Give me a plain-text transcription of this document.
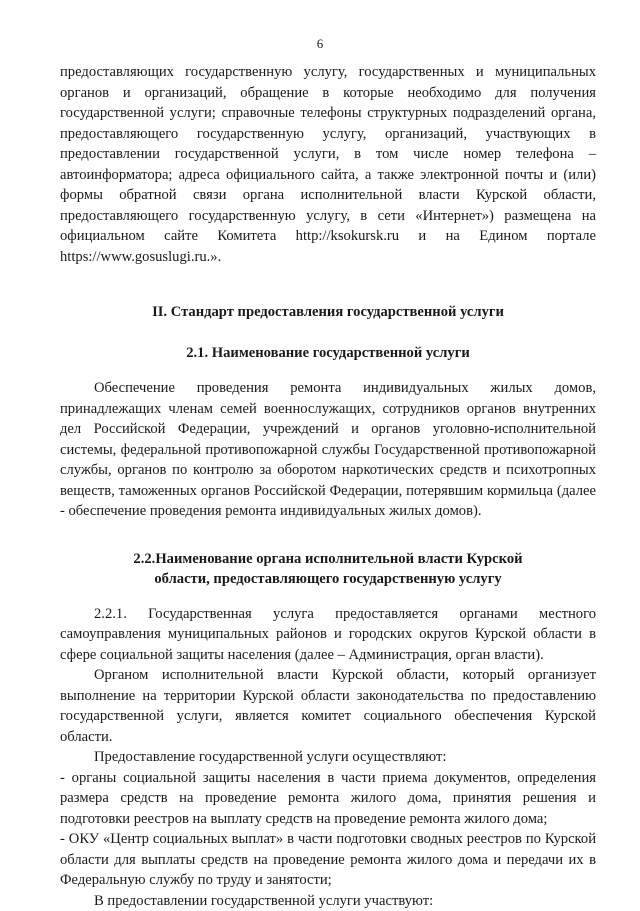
6

предоставляющих государственную услугу, государственных и муниципальных органов и организаций, обращение в которые необходимо для получения государственной услуги; справочные телефоны структурных подразделений органа, предоставляющего государственную услугу, организаций, участвующих в предоставлении государственной услуги, в том числе номер телефона – автоинформатора; адреса официального сайта, а также электронной почты и (или) формы обратной связи органа исполнительной власти Курской области, предоставляющего государственную услугу, в сети «Интернет») размещена на официальном сайте Комитета http://ksokursk.ru и на Едином портале https://www.gosuslugi.ru.».

II. Стандарт предоставления государственной услуги
2.1. Наименование государственной услуги

Обеспечение проведения ремонта индивидуальных жилых домов, принадлежащих членам семей военнослужащих, сотрудников органов внутренних дел Российской Федерации, учреждений и органов уголовно-исполнительной системы, федеральной противопожарной службы Государственной противопожарной службы, органов по контролю за оборотом наркотических средств и психотропных веществ, таможенных органов Российской Федерации, потерявшим кормильца (далее - обеспечение проведения ремонта индивидуальных жилых домов).

2.2.Наименование органа исполнительной власти Курской
области, предоставляющего государственную услугу

2.2.1. Государственная услуга предоставляется органами местного самоуправления муниципальных районов и городских округов Курской области в сфере социальной защиты населения (далее – Администрация, орган власти).

Органом исполнительной власти Курской области, который организует выполнение на территории Курской области законодательства по предоставлению государственной услуги, является комитет социального обеспечения Курской области.

Предоставление государственной услуги осуществляют:

- органы социальной защиты населения в части приема документов, определения размера средств на проведение ремонта жилого дома, принятия решения и подготовки реестров на выплату средств на проведение ремонта жилого дома;

- ОКУ «Центр социальных выплат» в части подготовки сводных реестров по Курской области для выплаты средств на проведение ремонта жилого дома и передачи их в Федеральную службу по труду и занятости;

В предоставлении государственной услуги участвуют:
